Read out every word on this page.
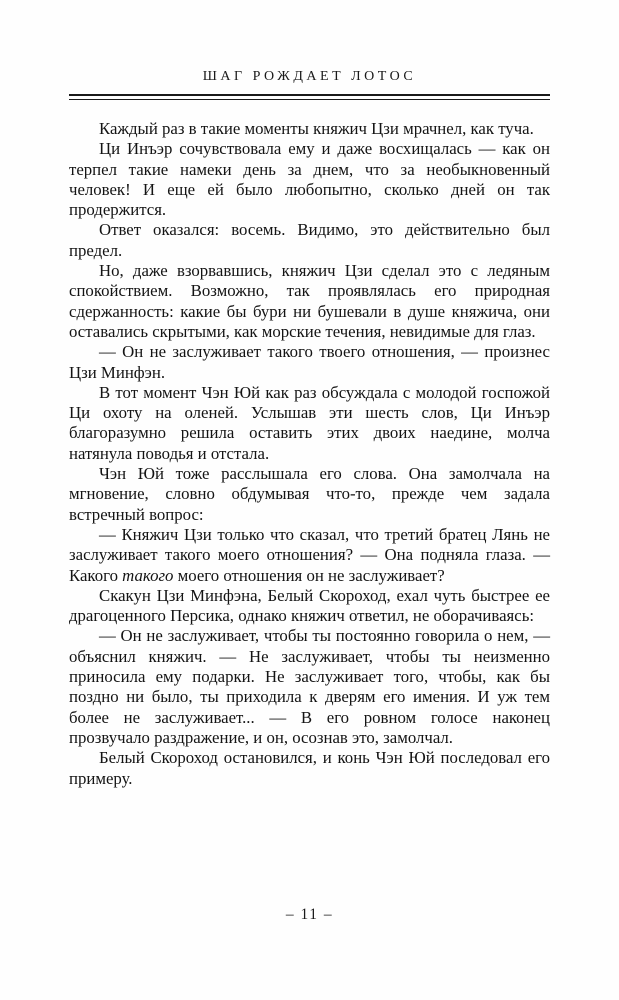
ШАГ РОЖДАЕТ ЛОТОС

Каждый раз в такие моменты княжич Цзи мрачнел, как туча.

Ци Инъэр сочувствовала ему и даже восхищалась — как он терпел такие намеки день за днем, что за необыкновенный человек! И еще ей было любопытно, сколько дней он так продержится.

Ответ оказался: восемь. Видимо, это действительно был предел.

Но, даже взорвавшись, княжич Цзи сделал это с ледяным спокойствием. Возможно, так проявлялась его природная сдержанность: какие бы бури ни бушевали в душе княжича, они оставались скрытыми, как морские течения, невидимые для глаз.

— Он не заслуживает такого твоего отношения, — произнес Цзи Минфэн.

В тот момент Чэн Юй как раз обсуждала с молодой госпожой Ци охоту на оленей. Услышав эти шесть слов, Ци Инъэр благоразумно решила оставить этих двоих наедине, молча натянула поводья и отстала.

Чэн Юй тоже расслышала его слова. Она замолчала на мгновение, словно обдумывая что-то, прежде чем задала встречный вопрос:

— Княжич Цзи только что сказал, что третий братец Лянь не заслуживает такого моего отношения? — Она подняла глаза. — Какого такого моего отношения он не заслуживает?

Скакун Цзи Минфэна, Белый Скороход, ехал чуть быстрее ее драгоценного Персика, однако княжич ответил, не оборачиваясь:

— Он не заслуживает, чтобы ты постоянно говорила о нем, — объяснил княжич. — Не заслуживает, чтобы ты неизменно приносила ему подарки. Не заслуживает того, чтобы, как бы поздно ни было, ты приходила к дверям его имения. И уж тем более не заслуживает... — В его ровном голосе наконец прозвучало раздражение, и он, осознав это, замолчал.

Белый Скороход остановился, и конь Чэн Юй последовал его примеру.

– 11 –
